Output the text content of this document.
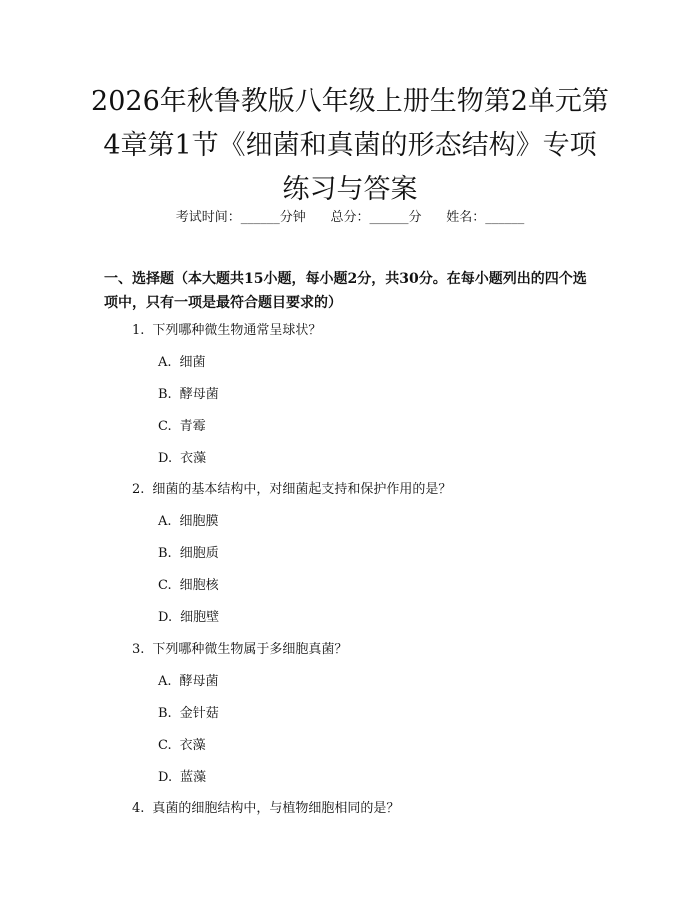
2026年秋鲁教版八年级上册生物第2单元第
4章第1节《细菌和真菌的形态结构》专项
练习与答案
考试时间：______分钟      总分：______分      姓名：______
一、选择题（本大题共15小题，每小题2分，共30分。在每小题列出的四个选
项中，只有一项是最符合题目要求的）
1. 下列哪种微生物通常呈球状？
A. 细菌
B. 酵母菌
C. 青霉
D. 衣藻
2. 细菌的基本结构中，对细菌起支持和保护作用的是？
A. 细胞膜
B. 细胞质
C. 细胞核
D. 细胞壁
3. 下列哪种微生物属于多细胞真菌？
A. 酵母菌
B. 金针菇
C. 衣藻
D. 蓝藻
4. 真菌的细胞结构中，与植物细胞相同的是？
